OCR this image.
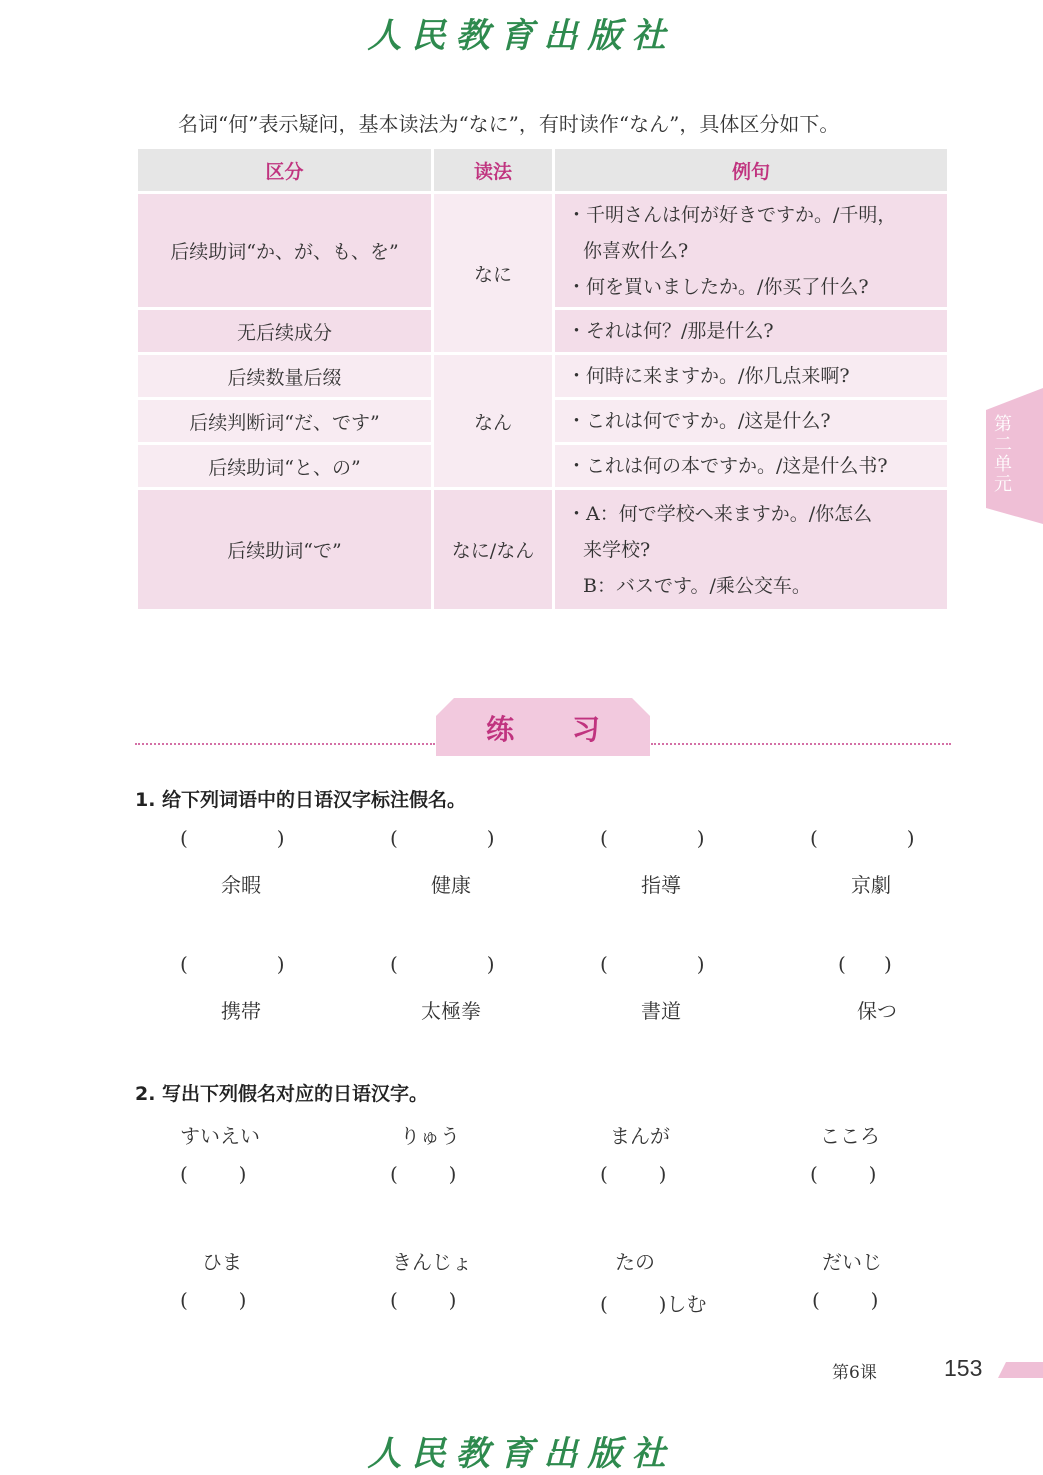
人民教育出版社
名词“何”表示疑问，基本读法为“なに”，有时读作“なん”，具体区分如下。
区分	读法	例句
后续助词“か、が、も、を”	なに	・千明さんは何が好きですか。/千明，
你喜欢什么?
・何を買いましたか。/你买了什么?

无后续成分		・それは何？/那是什么?

后续数量后缀	なん	・何時に来ますか。/你几点来啊?

后续判断词“だ、です”		・これは何ですか。/这是什么?

后续助词“と、の”		・これは何の本ですか。/这是什么书?

后续助词“で”	なに/なん	・A：何で学校へ来ますか。/你怎么
来学校?
B：バスです。/乘公交车。
第二单元
练 习
1. 给下列词语中的日语汉字标注假名。
(              )	(              )	(              )	(              )
余暇	健康	指導	京劇
(              )	(              )	(              )	(      )
携帯	太極拳	書道	保つ
2. 写出下列假名对应的日语汉字。
すいえい	りゅう	まんが	こころ
(        )	(        )	(        )	(        )
ひま	きんじょ	たの	だいじ
(        )	(        )	(        )しむ	(        )
第6课	153
人民教育出版社
